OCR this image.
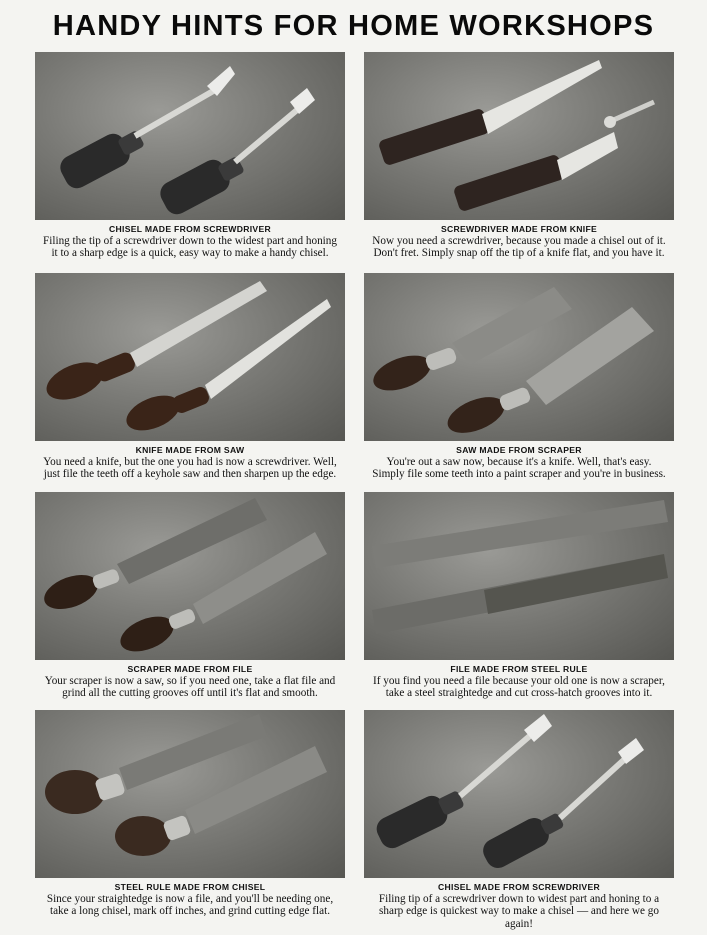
HANDY HINTS FOR HOME WORKSHOPS
CHISEL MADE FROM SCREWDRIVER
Filing the tip of a screwdriver down to the widest part and honing it to a sharp edge is a quick, easy way to make a handy chisel.
SCREWDRIVER MADE FROM KNIFE
Now you need a screwdriver, because you made a chisel out of it. Don't fret. Simply snap off the tip of a knife flat, and you have it.
KNIFE MADE FROM SAW
You need a knife, but the one you had is now a screwdriver. Well, just file the teeth off a keyhole saw and then sharpen up the edge.
SAW MADE FROM SCRAPER
You're out a saw now, because it's a knife. Well, that's easy. Simply file some teeth into a paint scraper and you're in business.
SCRAPER MADE FROM FILE
Your scraper is now a saw, so if you need one, take a flat file and grind all the cutting grooves off until it's flat and smooth.
FILE MADE FROM STEEL RULE
If you find you need a file because your old one is now a scraper, take a steel straightedge and cut cross-hatch grooves into it.
STEEL RULE MADE FROM CHISEL
Since your straightedge is now a file, and you'll be needing one, take a long chisel, mark off inches, and grind cutting edge flat.
CHISEL MADE FROM SCREWDRIVER
Filing tip of a screwdriver down to widest part and honing to a sharp edge is quickest way to make a chisel — and here we go again!
